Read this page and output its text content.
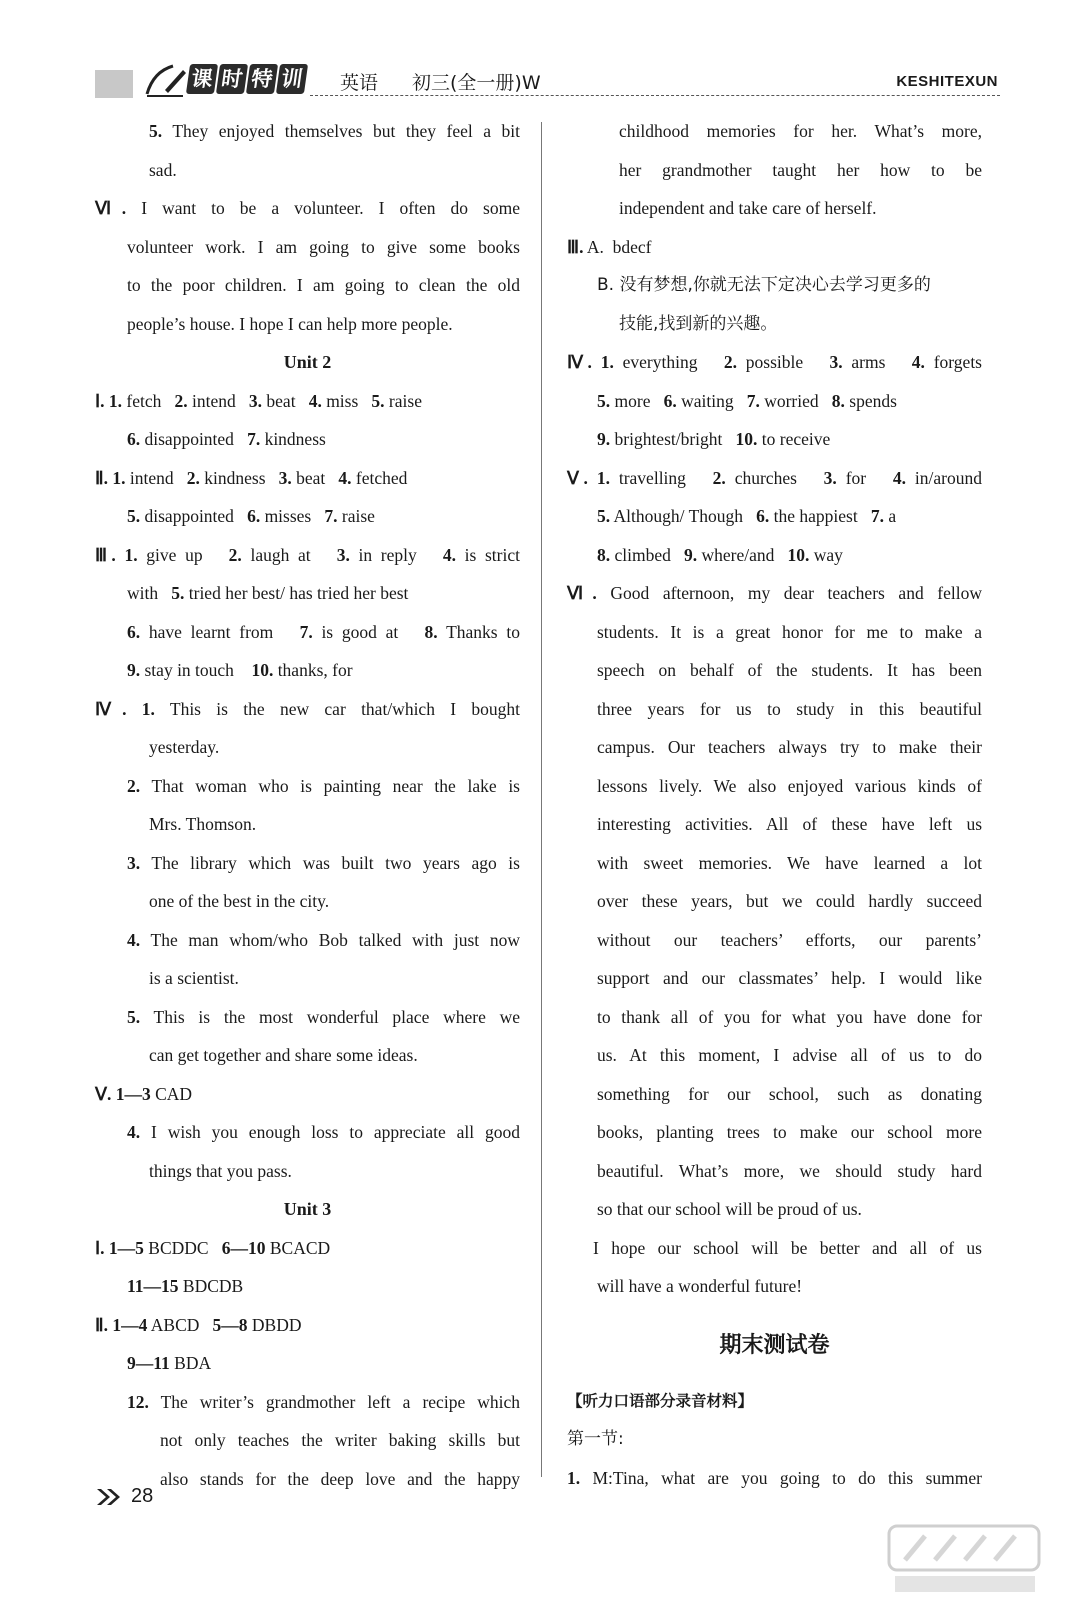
课 时 特 训 英语 初三(全一册)W	KESHITEXUN
5. They enjoyed themselves but they feel a bit
sad.
Ⅵ. I want to be a volunteer. I often do some
volunteer work. I am going to give some books
to the poor children. I am going to clean the old
people’s house. I hope I can help more people.
Unit 2
Ⅰ. 1. fetch   2. intend   3. beat   4. miss   5. raise
6. disappointed   7. kindness
Ⅱ. 1. intend   2. kindness   3. beat   4. fetched
5. disappointed   6. misses   7. raise
Ⅲ. 1. give up   2. laugh at   3. in reply   4. is strict
with   5. tried her best/ has tried her best
6. have learnt from   7. is good at   8. Thanks to
9. stay in touch    10. thanks, for
Ⅳ. 1. This is the new car that/which I bought
yesterday.
2. That woman who is painting near the lake is
Mrs. Thomson.
3. The library which was built two years ago is
one of the best in the city.
4. The man whom/who Bob talked with just now
is a scientist.
5. This is the most wonderful place where we
can get together and share some ideas.
Ⅴ. 1—3 CAD
4. I wish you enough loss to appreciate all good
things that you pass.
Unit 3
Ⅰ. 1—5 BCDDC   6—10 BCACD
11—15 BDCDB
Ⅱ. 1—4 ABCD   5—8 DBDD
9—11 BDA
12. The writer’s grandmother left a recipe which
not only teaches the writer baking skills but
also stands for the deep love and the happy
childhood memories for her. What’s more,
her grandmother taught her how to be
independent and take care of herself.
Ⅲ. A.  bdecf
B. 没有梦想,你就无法下定决心去学习更多的
技能,找到新的兴趣。
Ⅳ. 1. everything   2. possible   3. arms   4. forgets
5. more   6. waiting   7. worried   8. spends
9. brightest/bright   10. to receive
Ⅴ. 1. travelling   2. churches   3. for   4. in/around
5. Although/ Though   6. the happiest   7. a
8. climbed   9. where/and   10. way
Ⅵ. Good afternoon, my dear teachers and fellow
students. It is a great honor for me to make a
speech on behalf of the students. It has been
three years for us to study in this beautiful
campus. Our teachers always try to make their
lessons lively. We also enjoyed various kinds of
interesting activities. All of these have left us
with sweet memories. We have learned a lot
over these years, but we could hardly succeed
without our teachers’ efforts, our parents’
support and our classmates’ help. I would like
to thank all of you for what you have done for
us. At this moment, I advise all of us to do
something for our school, such as donating
books, planting trees to make our school more
beautiful. What’s more, we should study hard
so that our school will be proud of us.
I hope our school will be better and all of us
will have a wonderful future!
期末测试卷
【听力口语部分录音材料】
第一节:
1. M:Tina, what are you going to do this summer
28
